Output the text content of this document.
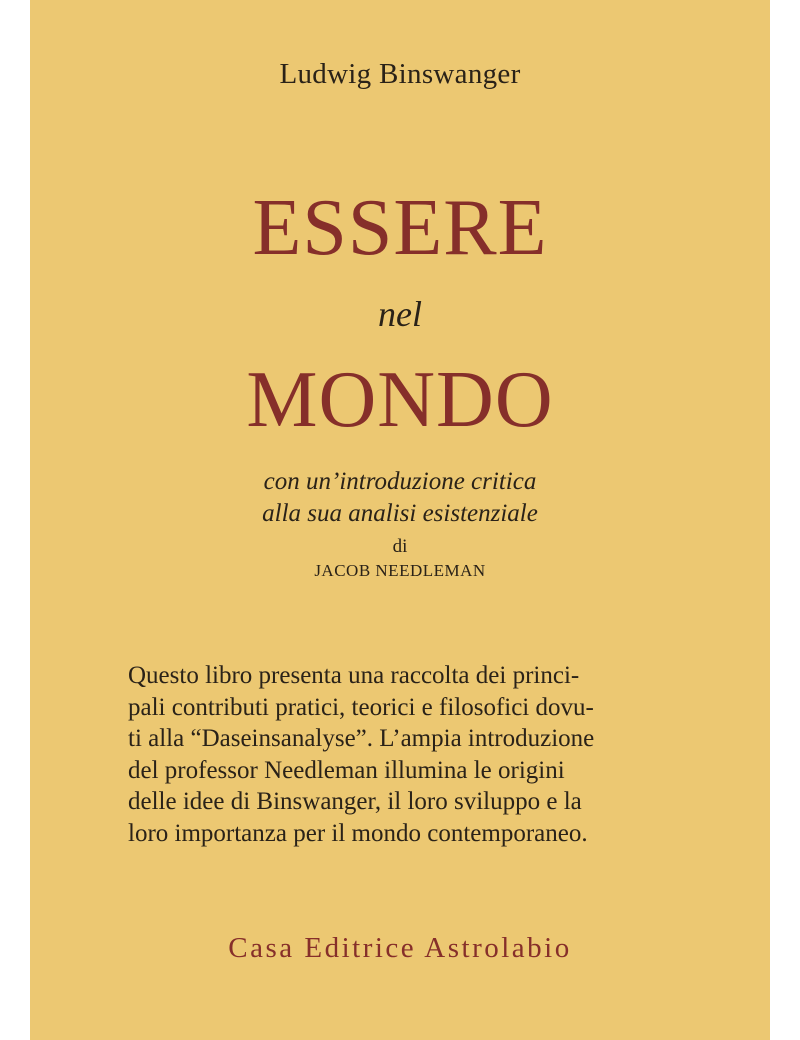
Ludwig Binswanger
ESSERE
nel
MONDO
con un’introduzione critica
alla sua analisi esistenziale
di
JACOB NEEDLEMAN
Questo libro presenta una raccolta dei princi-
pali contributi pratici, teorici e filosofici dovu-
ti alla “Daseinsanalyse”. L’ampia introduzione
del professor Needleman illumina le origini
delle idee di Binswanger, il loro sviluppo e la
loro importanza per il mondo contemporaneo.
Casa Editrice Astrolabio
